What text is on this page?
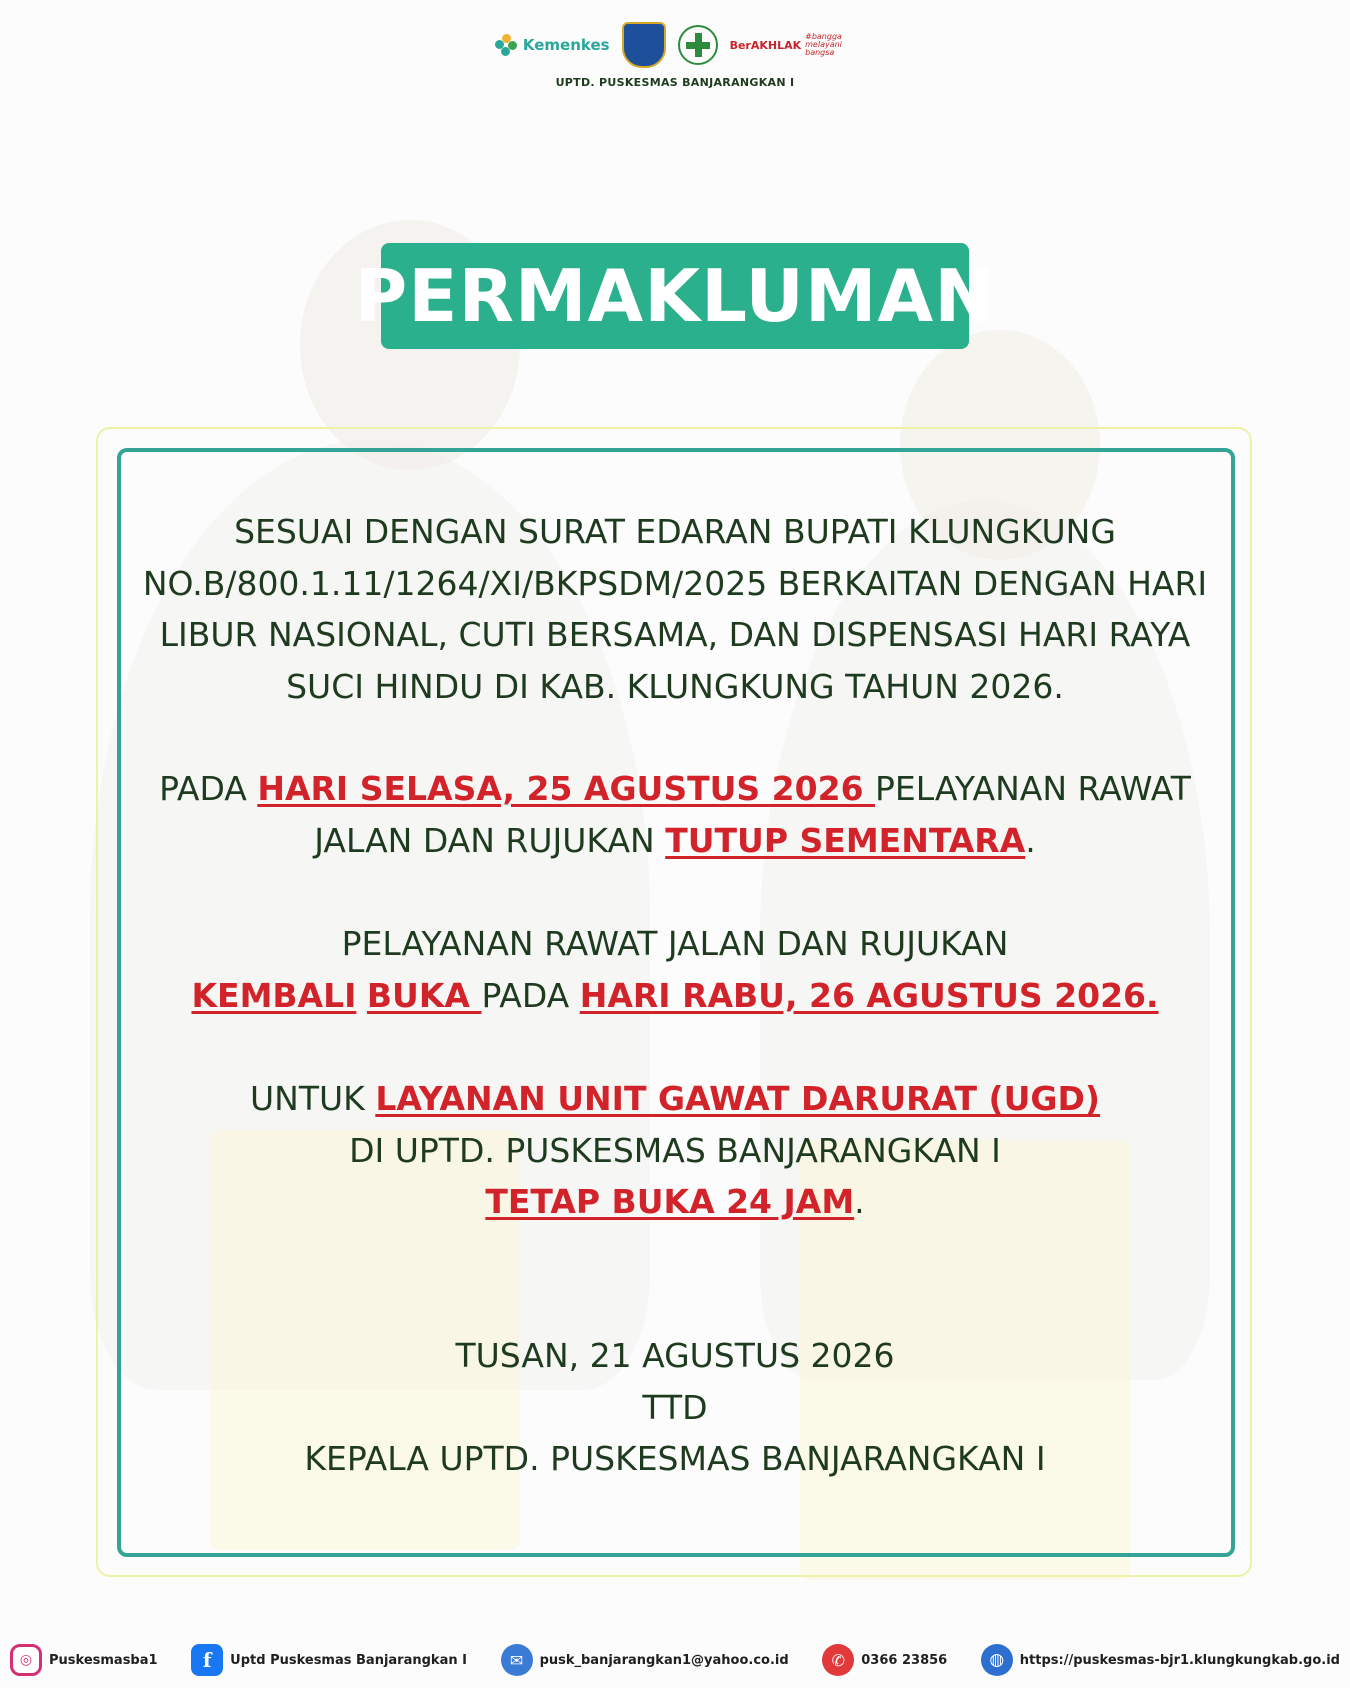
Kemenkes	BerAKHLAK
#bangga melayani bangsa
UPTD. PUSKESMAS BANJARANGKAN I
PERMAKLUMAN
SESUAI DENGAN SURAT EDARAN BUPATI KLUNGKUNG NO.B/800.1.11/1264/XI/BKPSDM/2025 BERKAITAN DENGAN HARI LIBUR NASIONAL, CUTI BERSAMA, DAN DISPENSASI HARI RAYA SUCI HINDU DI KAB. KLUNGKUNG TAHUN 2026.
PADA HARI SELASA, 25 AGUSTUS 2026 PELAYANAN RAWAT JALAN DAN RUJUKAN TUTUP SEMENTARA.
PELAYANAN RAWAT JALAN DAN RUJUKAN
KEMBALI BUKA PADA HARI RABU, 26 AGUSTUS 2026.
UNTUK LAYANAN UNIT GAWAT DARURAT (UGD)
DI UPTD. PUSKESMAS BANJARANGKAN I
TETAP BUKA 24 JAM.
TUSAN, 21 AGUSTUS 2026
TTD
KEPALA UPTD. PUSKESMAS BANJARANGKAN I
◎	Puskesmasba1	f	Uptd Puskesmas Banjarangkan I	✉	pusk_banjarangkan1@yahoo.co.id	✆	0366 23856	◍	https://puskesmas-bjr1.klungkungkab.go.id
